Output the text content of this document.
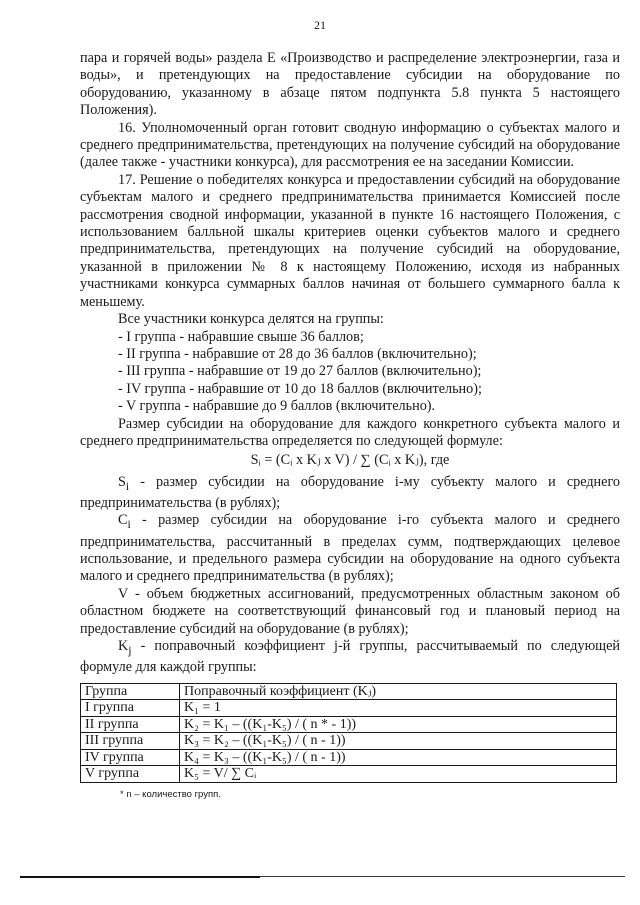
21

пара и горячей воды» раздела Е «Производство и распределение электроэнергии, газа и воды», и претендующих на предоставление субсидии на оборудование по оборудованию, указанному в абзаце пятом подпункта 5.8 пункта 5 настоящего Положения).

16. Уполномоченный орган готовит сводную информацию о субъектах малого и среднего предпринимательства, претендующих на получение субсидий на оборудование (далее также - участники конкурса), для рассмотрения ее на заседании Комиссии.

17. Решение о победителях конкурса и предоставлении субсидий на оборудование субъектам малого и среднего предпринимательства принимается Комиссией после рассмотрения сводной информации, указанной в пункте 16 настоящего Положения, с использованием балльной шкалы критериев оценки субъектов малого и среднего предпринимательства, претендующих на получение субсидий на оборудование, указанной в приложении № 8 к настоящему Положению, исходя из набранных участниками конкурса суммарных баллов начиная от большего суммарного балла к меньшему.

Все участники конкурса делятся на группы:

- I группа - набравшие свыше 36 баллов;

- II группа - набравшие от 28 до 36 баллов (включительно);

- III группа - набравшие от 19 до 27 баллов (включительно);

- IV группа - набравшие от 10 до 18 баллов (включительно);

- V группа - набравшие до 9 баллов (включительно).

Размер субсидии на оборудование для каждого конкретного субъекта малого и среднего предпринимательства определяется по следующей формуле:

Sᵢ = (Cᵢ x Kⱼ x V) / ∑ (Cᵢ x Kⱼ), где

$S_i$ - размер субсидии на оборудование i-му субъекту малого и среднего предпринимательства (в рублях);

$C_i$ - размер субсидии на оборудование i-го субъекта малого и среднего предпринимательства, рассчитанный в пределах сумм, подтверждающих целевое использование, и предельного размера субсидии на оборудование на одного субъекта малого и среднего предпринимательства (в рублях);

V - объем бюджетных ассигнований, предусмотренных областным законом об областном бюджете на соответствующий финансовый год и плановый период на предоставление субсидий на оборудование (в рублях);

$K_j$ - поправочный коэффициент j-й группы, рассчитываемый по следующей формуле для каждой группы:

Группа	Поправочный коэффициент (Kⱼ)
I группа	K₁ = 1
II группа	K₂ = K₁ – ((K₁-K₅) / ( n * - 1))
III группа	K₃ = K₂ – ((K₁-K₅) / ( n - 1))
IV группа	K₄ = K₃ – ((K₁-K₅) / ( n - 1))
V группа	K₅ = V/ ∑ Cᵢ
* n – количество групп.
